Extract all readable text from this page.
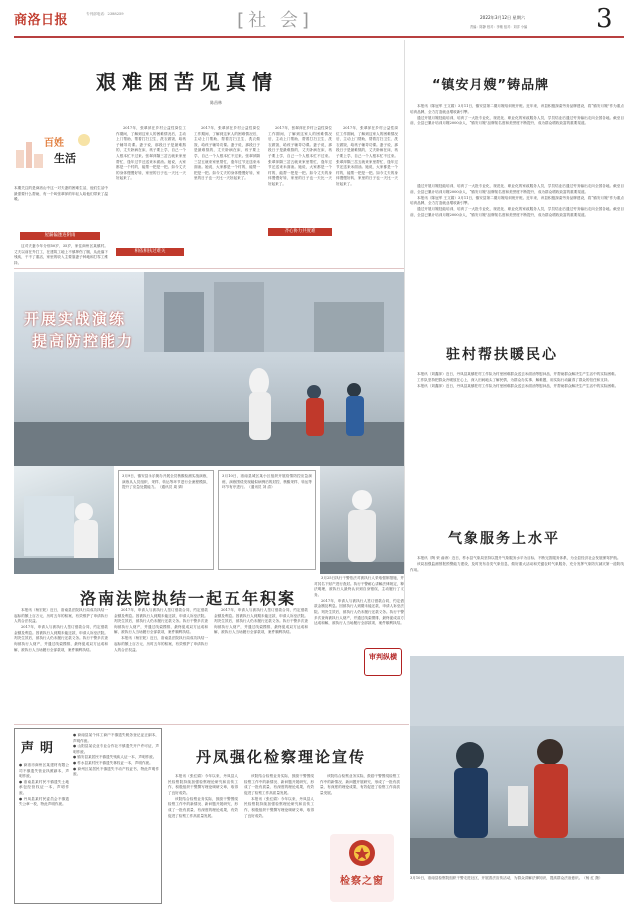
商洛日报	专刊部电话：2388259	[社 会]	2022年3月12日 星期六
责编：陈静 校对：李敏 组对：刘洋 小编	3
百姓
生活
本期关注的是商洛山中这一对夫妻的困难生活，他们生活中最需要什么帮助，有一个叫张翠萍的年轻人给他们带来了温暖。
屋漏偏逢连阴雨

这对夫妻今年分别50岁、35岁，家住商州区某镇村。丈夫以前在外打工，在建筑工地上不慎摔伤了腿，从此落下残疾，干不了重活，家里的收入主要靠妻子种地和打零工维持。

艰难困苦见真情
陈昌林

2017年，张翠萍在乡村公益性岗位工作期间，了解到这家人的困难情况后，主动上门帮助，帮着打扫卫生、洗衣做饭，给孩子辅导功课。妻子说，那段日子是最难熬的，丈夫卧病在床，孩子要上学，自己一个人根本忙不过来。张翠萍隔三岔五就来家里帮忙，逢年过节还送来米面油。她说，大家都是一个村的，能帮一把是一把。如今丈夫的身体慢慢好转，家里的日子也一天比一天好起来了。

相依相扶过难关

2017年，张翠萍在乡村公益性岗位工作期间，了解到这家人的困难情况后，主动上门帮助，帮着打扫卫生、洗衣做饭，给孩子辅导功课。妻子说，那段日子是最难熬的，丈夫卧病在床，孩子要上学，自己一个人根本忙不过来。张翠萍隔三岔五就来家里帮忙，逢年过节还送来米面油。她说，大家都是一个村的，能帮一把是一把。如今丈夫的身体慢慢好转，家里的日子也一天比一天好起来了。

齐心协力共度难

2017年，张翠萍在乡村公益性岗位工作期间，了解到这家人的困难情况后，主动上门帮助，帮着打扫卫生、洗衣做饭，给孩子辅导功课。妻子说，那段日子是最难熬的，丈夫卧病在床，孩子要上学，自己一个人根本忙不过来。张翠萍隔三岔五就来家里帮忙，逢年过节还送来米面油。她说，大家都是一个村的，能帮一把是一把。如今丈夫的身体慢慢好转，家里的日子也一天比一天好起来了。

2017年，张翠萍在乡村公益性岗位工作期间，了解到这家人的困难情况后，主动上门帮助，帮着打扫卫生、洗衣做饭，给孩子辅导功课。妻子说，那段日子是最难熬的，丈夫卧病在床，孩子要上学，自己一个人根本忙不过来。张翠萍隔三岔五就来家里帮忙，逢年过节还送来米面油。她说，大家都是一个村的，能帮一把是一把。如今丈夫的身体慢慢好转，家里的日子也一天比一天好起来了。

开展实战演练
提高防控能力
3月9日，镇安县永乐街办开展全员核酸检测实战演练，演练从人员组织、采样、转运等环节进行全流程模拟，提升了应急处置能力。（通讯员 周 婧）
3月10日，洛南县城区某小区组织开展疫情防控应急演练，演练围绕发现疑似病例后的封控、核酸采样、转运等环节有序进行。（通讯员 刘 清）
洛南法院执结一起五年积案

本报讯（杨宏乾）近日，洛南县法院执行局成功执结一起标的额上百万元、历时五年的积案，有效维护了申请执行人的合法权益。

2017年，申请人与被执行人签订借款合同，约定借款金额及利息。因被执行人到期未能还款，申请人诉至法院。判决生效后，被执行人仍未履行还款义务。执行干警多次查询被执行人财产，并通过线索摸排，最终促成双方达成和解，被执行人当场履行全部款项，案件顺利执结。

2017年，申请人与被执行人签订借款合同，约定借款金额及利息。因被执行人到期未能还款，申请人诉至法院。判决生效后，被执行人仍未履行还款义务。执行干警多次查询被执行人财产，并通过线索摸排，最终促成双方达成和解，被执行人当场履行全部款项，案件顺利执结。

本报讯（杨宏乾）近日，洛南县法院执行局成功执结一起标的额上百万元、历时五年的积案，有效维护了申请执行人的合法权益。

2017年，申请人与被执行人签订借款合同，约定借款金额及利息。因被执行人到期未能还款，申请人诉至法院。判决生效后，被执行人仍未履行还款义务。执行干警多次查询被执行人财产，并通过线索摸排，最终促成双方达成和解，被执行人当场履行全部款项，案件顺利执结。

3月25日执行干警依法对被执行人采取强制措施，并对其名下财产进行查封。执行干警耐心讲解法律规定，释法明理，被执行人最终认识到自身错误，主动履行了义务。

2017年，申请人与被执行人签订借款合同，约定借款金额及利息。因被执行人到期未能还款，申请人诉至法院。判决生效后，被执行人仍未履行还款义务。执行干警多次查询被执行人财产，并通过线索摸排，最终促成双方达成和解，被执行人当场履行全部款项，案件顺利执结。

审判纵横
“镇安月嫂”铸品牌

本报讯（陈冠军 王文娟）3月11日，镇安县第二期月嫂培训班开班。近年来，该县积极探索劳务品牌建设，将“镇安月嫂”作为重点培育品牌，全力打造就业增收新引擎。

通过开展月嫂技能培训，培育了一大批专业化、规范化、职业化的家政服务人员，学员结业后通过劳务输出走向全国各地。截至目前，全县已累计培训月嫂2000余人，“镇安月嫂”品牌知名度和美誉度不断提升，成为群众增收致富的重要渠道。

通过开展月嫂技能培训，培育了一大批专业化、规范化、职业化的家政服务人员，学员结业后通过劳务输出走向全国各地。截至目前，全县已累计培训月嫂2000余人，“镇安月嫂”品牌知名度和美誉度不断提升，成为群众增收致富的重要渠道。

本报讯（陈冠军 王文娟）3月11日，镇安县第二期月嫂培训班开班。近年来，该县积极探索劳务品牌建设，将“镇安月嫂”作为重点培育品牌，全力打造就业增收新引擎。

通过开展月嫂技能培训，培育了一大批专业化、规范化、职业化的家政服务人员，学员结业后通过劳务输出走向全国各地。截至目前，全县已累计培训月嫂2000余人，“镇安月嫂”品牌知名度和美誉度不断提升，成为群众增收致富的重要渠道。

驻村帮扶暖民心

本报讯（刘鑫萍）近日，丹凤县某镇驻村工作队为村里困难群众送去米面油等慰问品，并帮助群众解决生产生活中的实际困难。

工作队坚持把群众冷暖放在心上，深入田间地头了解民情，为群众办实事、解难题，用实际行动赢得了群众的信任和支持。

本报讯（刘鑫萍）近日，丹凤县某镇驻村工作队为村里困难群众送去米面油等慰问品，并帮助群众解决生产生活中的实际困难。

气象服务上水平

本报讯（陶 荣 俞涛）近日，柞水县气象局坚持以提升气象服务水平为目标，不断完善服务体系，为全县经济社会发展保驾护航。

该局加强监测预报预警能力建设，及时发布各类气象信息，做好重大活动和关键农时气象服务，充分发挥气象防灾减灾第一道防线作用。

声明
● 商洛市商州区某建材有限公司不慎遗失营业执照副本，声明作废。
● 洛南县某村民不慎遗失土地承包经营权证一本，声明作废。
● 丹凤县某村民委员会不慎遗失公章一枚，特此声明作废。
● 商南县某个体工商户不慎遗失税务登记证正副本，声明作废。
● 山阳县某农业专业合作社不慎遗失开户许可证，声明作废。
● 镇安县某居民不慎遗失残疾人证一本，声明作废。
● 柞水县某村民不慎遗失林权证一本，声明作废。
● 商州区某居民不慎遗失不动产权证书，特此声明作废。
丹凤强化检察理论宣传

本报讯（张红娟）今年以来，丹凤县人民检察院持续加强检察理论研究和宣传工作，积极组织干警撰写理论调研文章，取得了良好成效。

该院结合检察业务实际，鼓励干警围绕检察工作中的新情况、新问题开展研究，形成了一批有质量、有深度的理论成果，有效促进了检察工作高质量发展。

该院结合检察业务实际，鼓励干警围绕检察工作中的新情况、新问题开展研究，形成了一批有质量、有深度的理论成果，有效促进了检察工作高质量发展。

本报讯（张红娟）今年以来，丹凤县人民检察院持续加强检察理论研究和宣传工作，积极组织干警撰写理论调研文章，取得了良好成效。

该院结合检察业务实际，鼓励干警围绕检察工作中的新情况、新问题开展研究，形成了一批有质量、有深度的理论成果，有效促进了检察工作高质量发展。

检察之窗	3月10日，洛南县检察院组织干警走进社区，开展普法宣传活动，为群众讲解法律知识，提高群众法治意识。（杨 红 摄）
